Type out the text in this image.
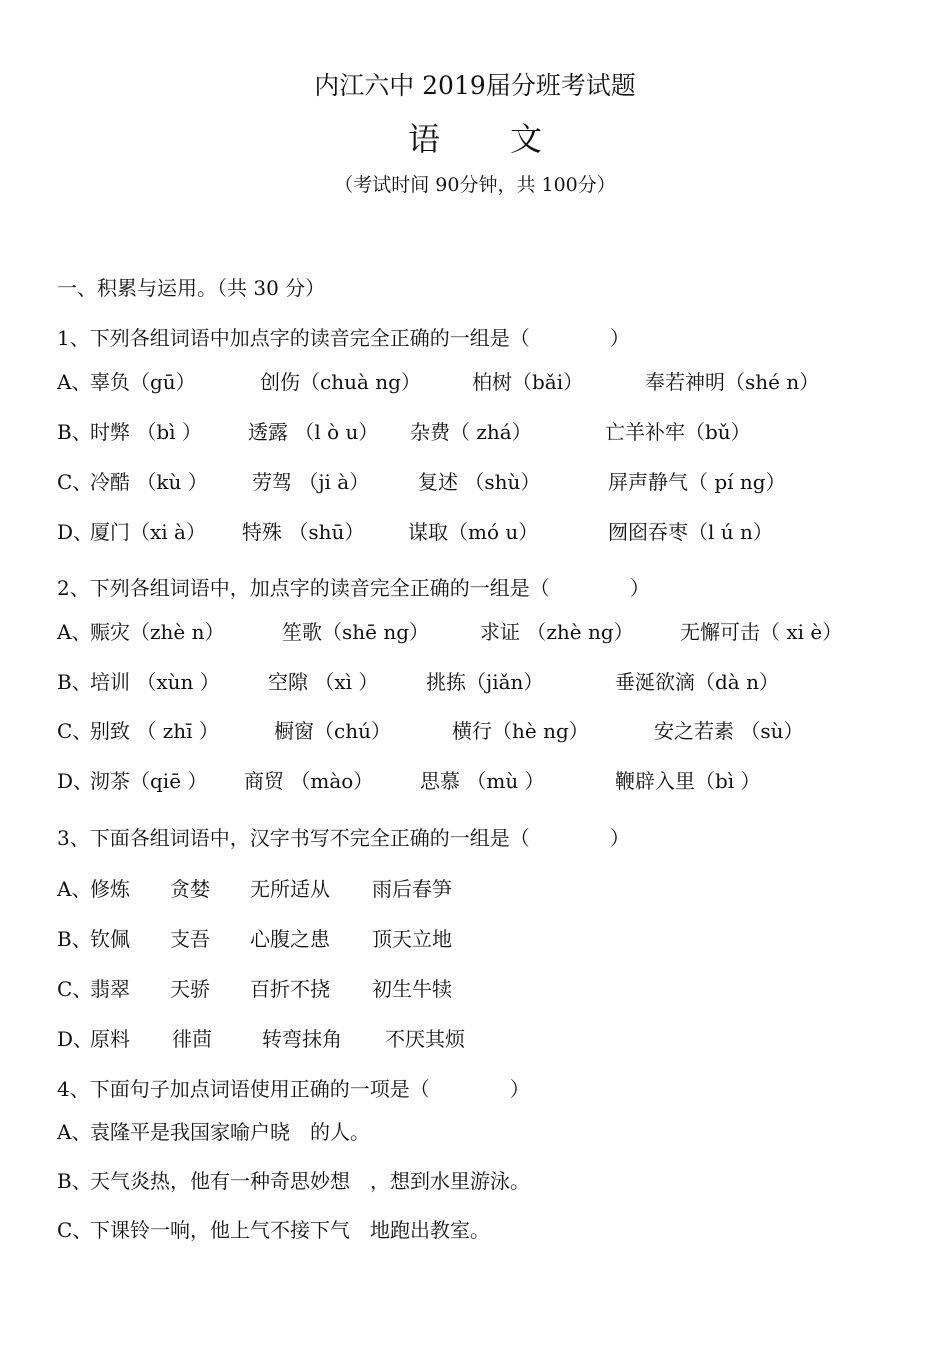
内江六中 2019届分班考试题
语文
（考试时间 90分钟，共 100分）
一、积累与运用。（共 30 分）
1、下列各组词语中加点字的读音完全正确的一组是（　　　　）
A、
辜负（gū）	创伤（chuà ng）	柏树（bǎi）	奉若神明（shé n）
B、
时弊 （bì ） 透露 （l ò u） 杂费（ zhá）	亡羊补牢（bǔ）
C、
冷酷 （kù ） 劳驾 （ji à） 复述 （shù）	屏声静气（ pí ng）
D、
厦门（xi à） 特殊 （shū） 谋取（mó u）	囫囵吞枣（l ú n）
2、下列各组词语中，加点字的读音完全正确的一组是（　　　　）
A、
赈灾（zhè n）	笙歌（shē ng）	求证 （zhè ng） 无懈可击（ xi è）
B、
培训 （xùn ） 空隙 （xì ） 挑拣（jiǎn）	垂涎欲滴（dà n）
C、
别致 （ zhī ）	橱窗（chú）	横行（hè ng）	安之若素 （sù）
D、
沏茶（qiē ） 商贸 （mào） 思慕 （mù ）	鞭辟入里（bì ）
3、下面各组词语中，汉字书写不完全正确的一组是（　　　　）
A、
修炼 贪婪 无所适从 雨后春笋
B、
钦佩 支吾 心腹之患 顶天立地
C、
翡翠 天骄 百折不挠 初生牛犊
D、
原料 徘茴	转弯抹角 不厌其烦
4、下面句子加点词语使用正确的一项是（　　　　）
A、
袁隆平是我国家喻户晓　的人。
B、
天气炎热，他有一种奇思妙想　，想到水里游泳。
C、
下课铃一响，他上气不接下气　地跑出教室。
